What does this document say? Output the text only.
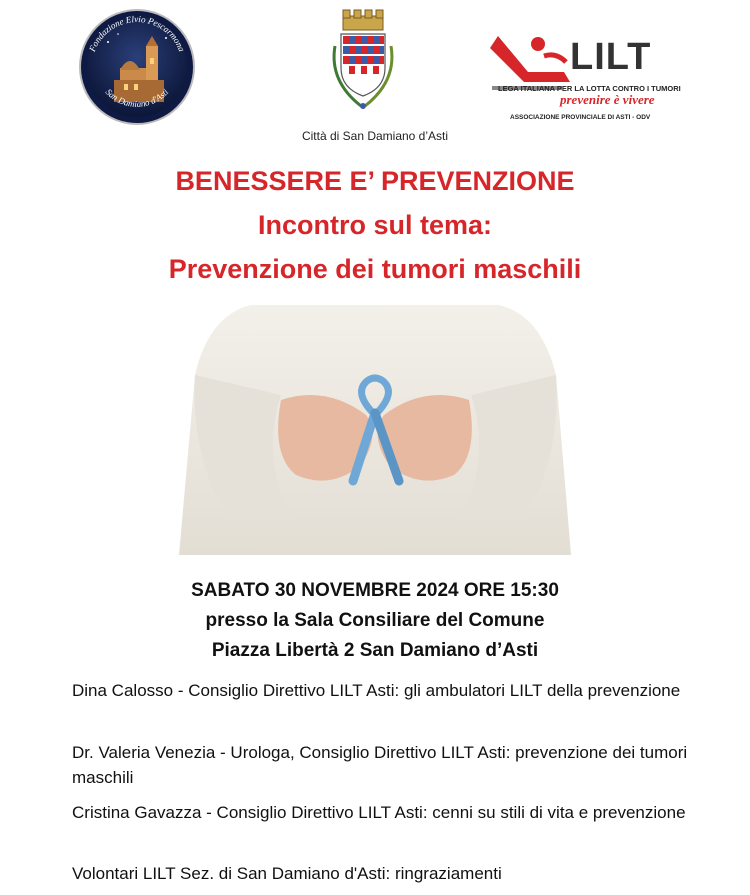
Fondazione Elvio Pescarmona
San Damiano d'Asti
Città di San Damiano d’Asti
LILT
LEGA ITALIANA PER LA LOTTA CONTRO I TUMORI
prevenire è vivere
ASSOCIAZIONE PROVINCIALE DI ASTI - ODV
BENESSERE E’ PREVENZIONE
Incontro sul tema:
Prevenzione dei tumori maschili
SABATO 30 NOVEMBRE 2024 ORE 15:30
presso la Sala Consiliare del Comune
Piazza Libertà 2 San Damiano d’Asti
Dina Calosso - Consiglio Direttivo LILT Asti: gli ambulatori LILT della prevenzione
Dr. Valeria Venezia - Urologa, Consiglio Direttivo LILT Asti: prevenzione dei tumori maschili
Cristina Gavazza - Consiglio Direttivo LILT Asti: cenni su stili di vita e prevenzione
Volontari LILT Sez. di San Damiano d'Asti: ringraziamenti
